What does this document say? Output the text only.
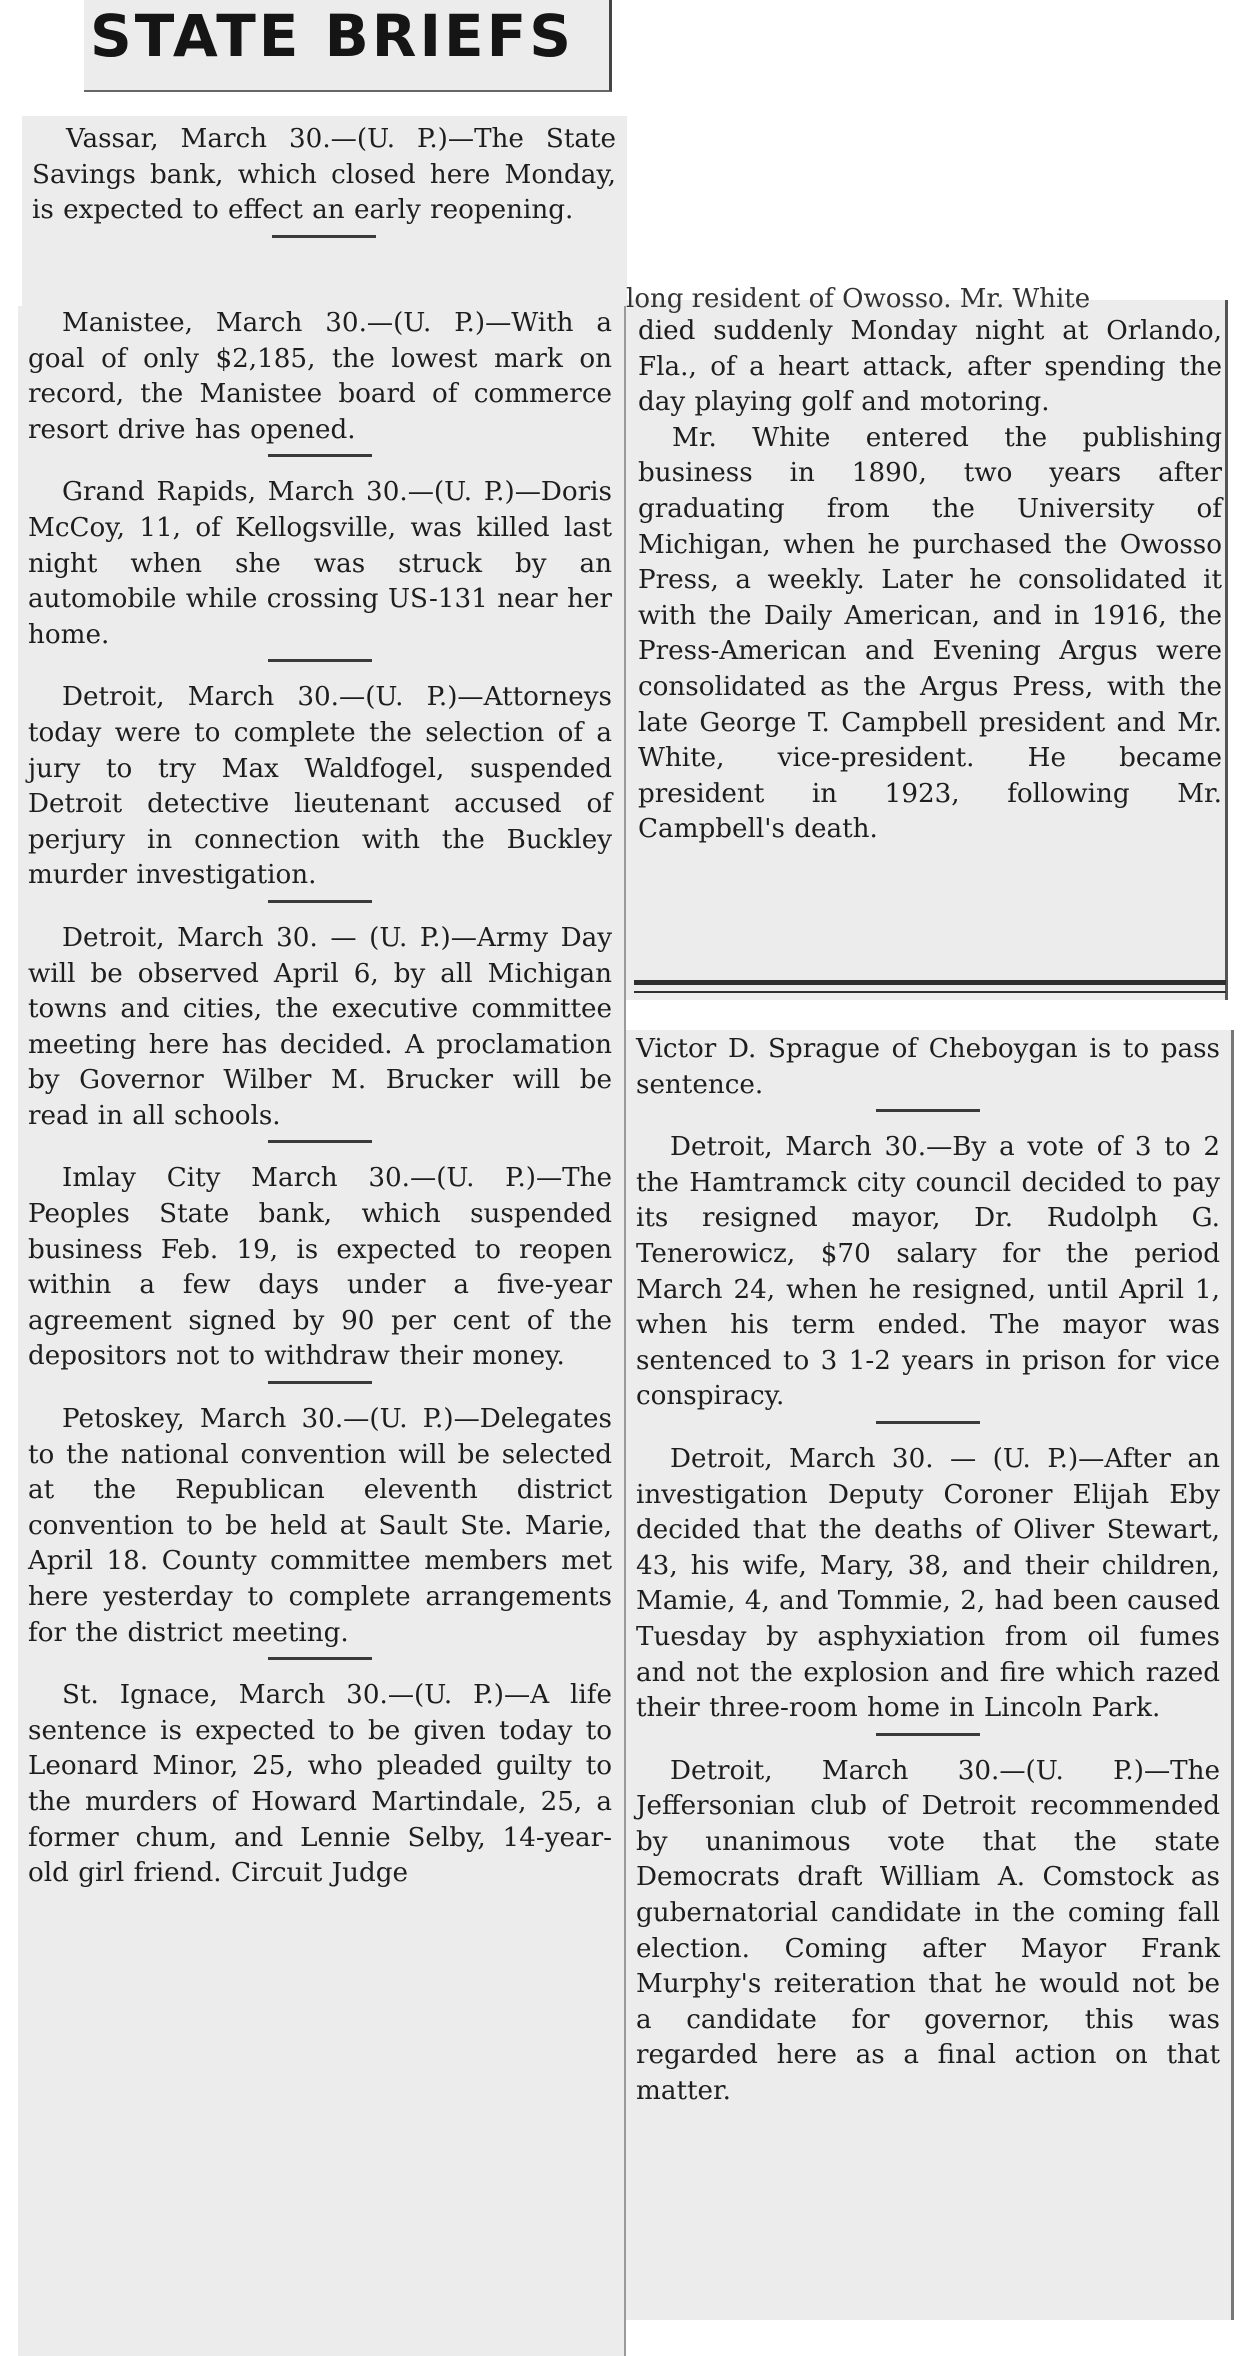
STATE BRIEFS

Vassar, March 30.—(U. P.)—The State Savings bank, which closed here Monday, is expected to effect an early reopening.

Manistee, March 30.—(U. P.)—With a goal of only $2,185, the lowest mark on record, the Manistee board of commerce resort drive has opened.

Grand Rapids, March 30.—(U. P.)—Doris McCoy, 11, of Kellogsville, was killed last night when she was struck by an automobile while crossing US-131 near her home.

Detroit, March 30.—(U. P.)—Attorneys today were to complete the selection of a jury to try Max Waldfogel, suspended Detroit detective lieutenant accused of perjury in connection with the Buckley murder investigation.

Detroit, March 30. — (U. P.)—Army Day will be observed April 6, by all Michigan towns and cities, the executive committee meeting here has decided. A proclamation by Governor Wilber M. Brucker will be read in all schools.

Imlay City March 30.—(U. P.)—The Peoples State bank, which suspended business Feb. 19, is expected to reopen within a few days under a five-year agreement signed by 90 per cent of the depositors not to withdraw their money.

Petoskey, March 30.—(U. P.)—Delegates to the national convention will be selected at the Republican eleventh district convention to be held at Sault Ste. Marie, April 18. County committee members met here yesterday to complete arrangements for the district meeting.

St. Ignace, March 30.—(U. P.)—A life sentence is expected to be given today to Leonard Minor, 25, who pleaded guilty to the murders of Howard Martindale, 25, a former chum, and Lennie Selby, 14-year-old girl friend. Circuit Judge

long resident of Owosso. Mr. White

died suddenly Monday night at Orlando, Fla., of a heart attack, after spending the day playing golf and motoring.

Mr. White entered the publishing business in 1890, two years after graduating from the University of Michigan, when he purchased the Owosso Press, a weekly. Later he consolidated it with the Daily American, and in 1916, the Press-American and Evening Argus were consolidated as the Argus Press, with the late George T. Campbell president and Mr. White, vice-president. He became president in 1923, following Mr. Campbell's death.

Victor D. Sprague of Cheboygan is to pass sentence.

Detroit, March 30.—By a vote of 3 to 2 the Hamtramck city council decided to pay its resigned mayor, Dr. Rudolph G. Tenerowicz, $70 salary for the period March 24, when he resigned, until April 1, when his term ended. The mayor was sentenced to 3 1-2 years in prison for vice conspiracy.

Detroit, March 30. — (U. P.)—After an investigation Deputy Coroner Elijah Eby decided that the deaths of Oliver Stewart, 43, his wife, Mary, 38, and their children, Mamie, 4, and Tommie, 2, had been caused Tuesday by asphyxiation from oil fumes and not the explosion and fire which razed their three-room home in Lincoln Park.

Detroit, March 30.—(U. P.)—The Jeffersonian club of Detroit recommended by unanimous vote that the state Democrats draft William A. Comstock as gubernatorial candidate in the coming fall election. Coming after Mayor Frank Murphy's reiteration that he would not be a candidate for governor, this was regarded here as a final action on that matter.
